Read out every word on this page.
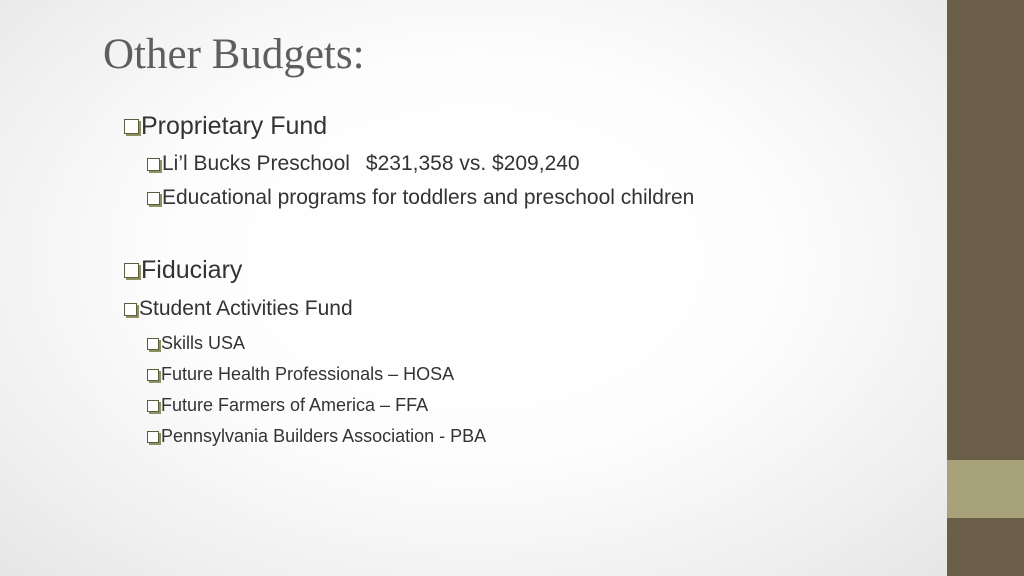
Other Budgets:
Proprietary Fund
Li’l Bucks Preschool $231,358 vs. $209,240
Educational programs for toddlers and preschool children
Fiduciary
Student Activities Fund
Skills USA
Future Health Professionals – HOSA
Future Farmers of America – FFA
Pennsylvania Builders Association - PBA
